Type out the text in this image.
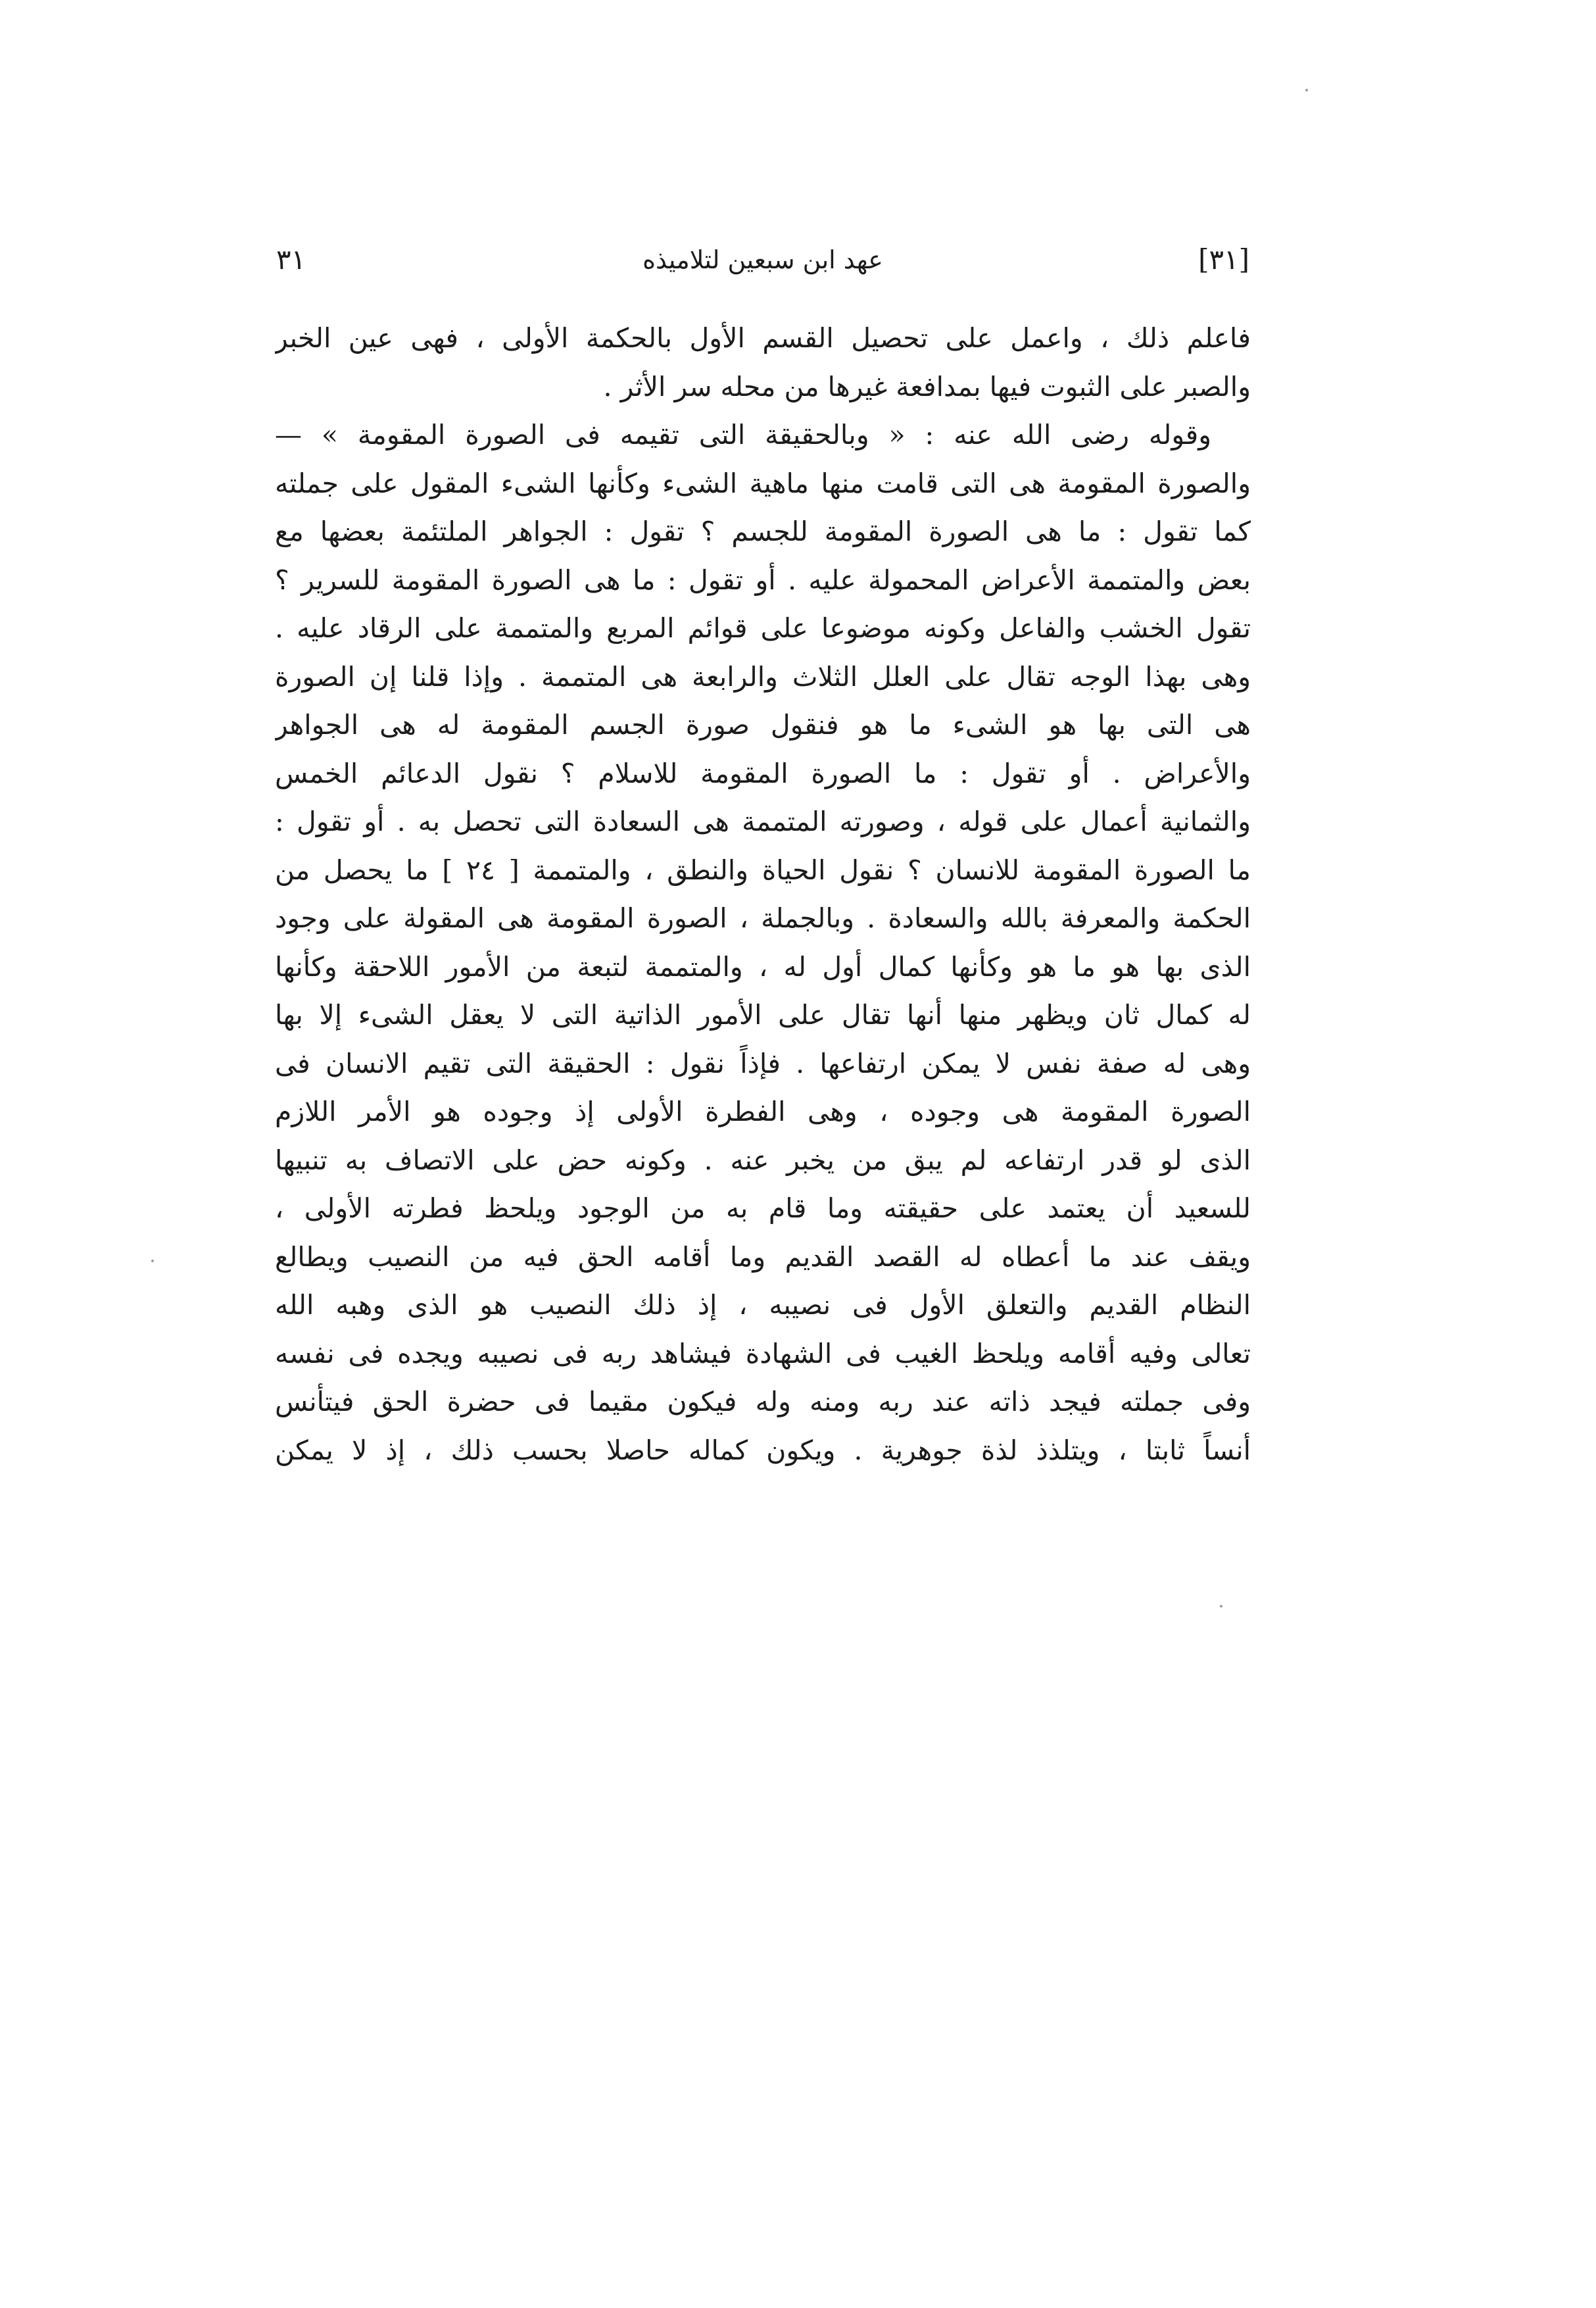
[٣١]
عهد ابن سبعين لتلاميذه
٣١
فاعلم ذلك ، واعمل على تحصيل القسم الأول بالحكمة الأولى ، فهى عين الخبر
والصبر على الثبوت فيها بمدافعة غيرها من محله سر الأثر .
وقوله رضى الله عنه : « وبالحقيقة التى تقيمه فى الصورة المقومة » —
والصورة المقومة هى التى قامت منها ماهية الشىء وكأنها الشىء المقول على جملته
كما تقول : ما هى الصورة المقومة للجسم ؟ تقول : الجواهر الملتئمة بعضها مع
بعض والمتممة الأعراض المحمولة عليه . أو تقول : ما هى الصورة المقومة للسرير ؟
تقول الخشب والفاعل وكونه موضوعا على قوائم المربع والمتممة على الرقاد عليه .
وهى بهذا الوجه تقال على العلل الثلاث والرابعة هى المتممة . وإذا قلنا إن الصورة
هى التى بها هو الشىء ما هو فنقول صورة الجسم المقومة له هى الجواهر
والأعراض . أو تقول : ما الصورة المقومة للاسلام ؟ نقول الدعائم الخمس
والثمانية أعمال على قوله ، وصورته المتممة هى السعادة التى تحصل به . أو تقول :
ما الصورة المقومة للانسان ؟ نقول الحياة والنطق ، والمتممة [ ٢٤ ] ما يحصل من
الحكمة والمعرفة بالله والسعادة . وبالجملة ، الصورة المقومة هى المقولة على وجود
الذى بها هو ما هو وكأنها كمال أول له ، والمتممة لتبعة من الأمور اللاحقة وكأنها
له كمال ثان ويظهر منها أنها تقال على الأمور الذاتية التى لا يعقل الشىء إلا بها
وهى له صفة نفس لا يمكن ارتفاعها . فإذاً نقول : الحقيقة التى تقيم الانسان فى
الصورة المقومة هى وجوده ، وهى الفطرة الأولى إذ وجوده هو الأمر اللازم
الذى لو قدر ارتفاعه لم يبق من يخبر عنه . وكونه حض على الاتصاف به تنبيها
للسعيد أن يعتمد على حقيقته وما قام به من الوجود ويلحظ فطرته الأولى ،
ويقف عند ما أعطاه له القصد القديم وما أقامه الحق فيه من النصيب ويطالع
النظام القديم والتعلق الأول فى نصيبه ، إذ ذلك النصيب هو الذى وهبه الله
تعالى وفيه أقامه ويلحظ الغيب فى الشهادة فيشاهد ربه فى نصيبه ويجده فى نفسه
وفى جملته فيجد ذاته عند ربه ومنه وله فيكون مقيما فى حضرة الحق فيتأنس
أنساً ثابتا ، ويتلذذ لذة جوهرية . ويكون كماله حاصلا بحسب ذلك ، إذ لا يمكن
